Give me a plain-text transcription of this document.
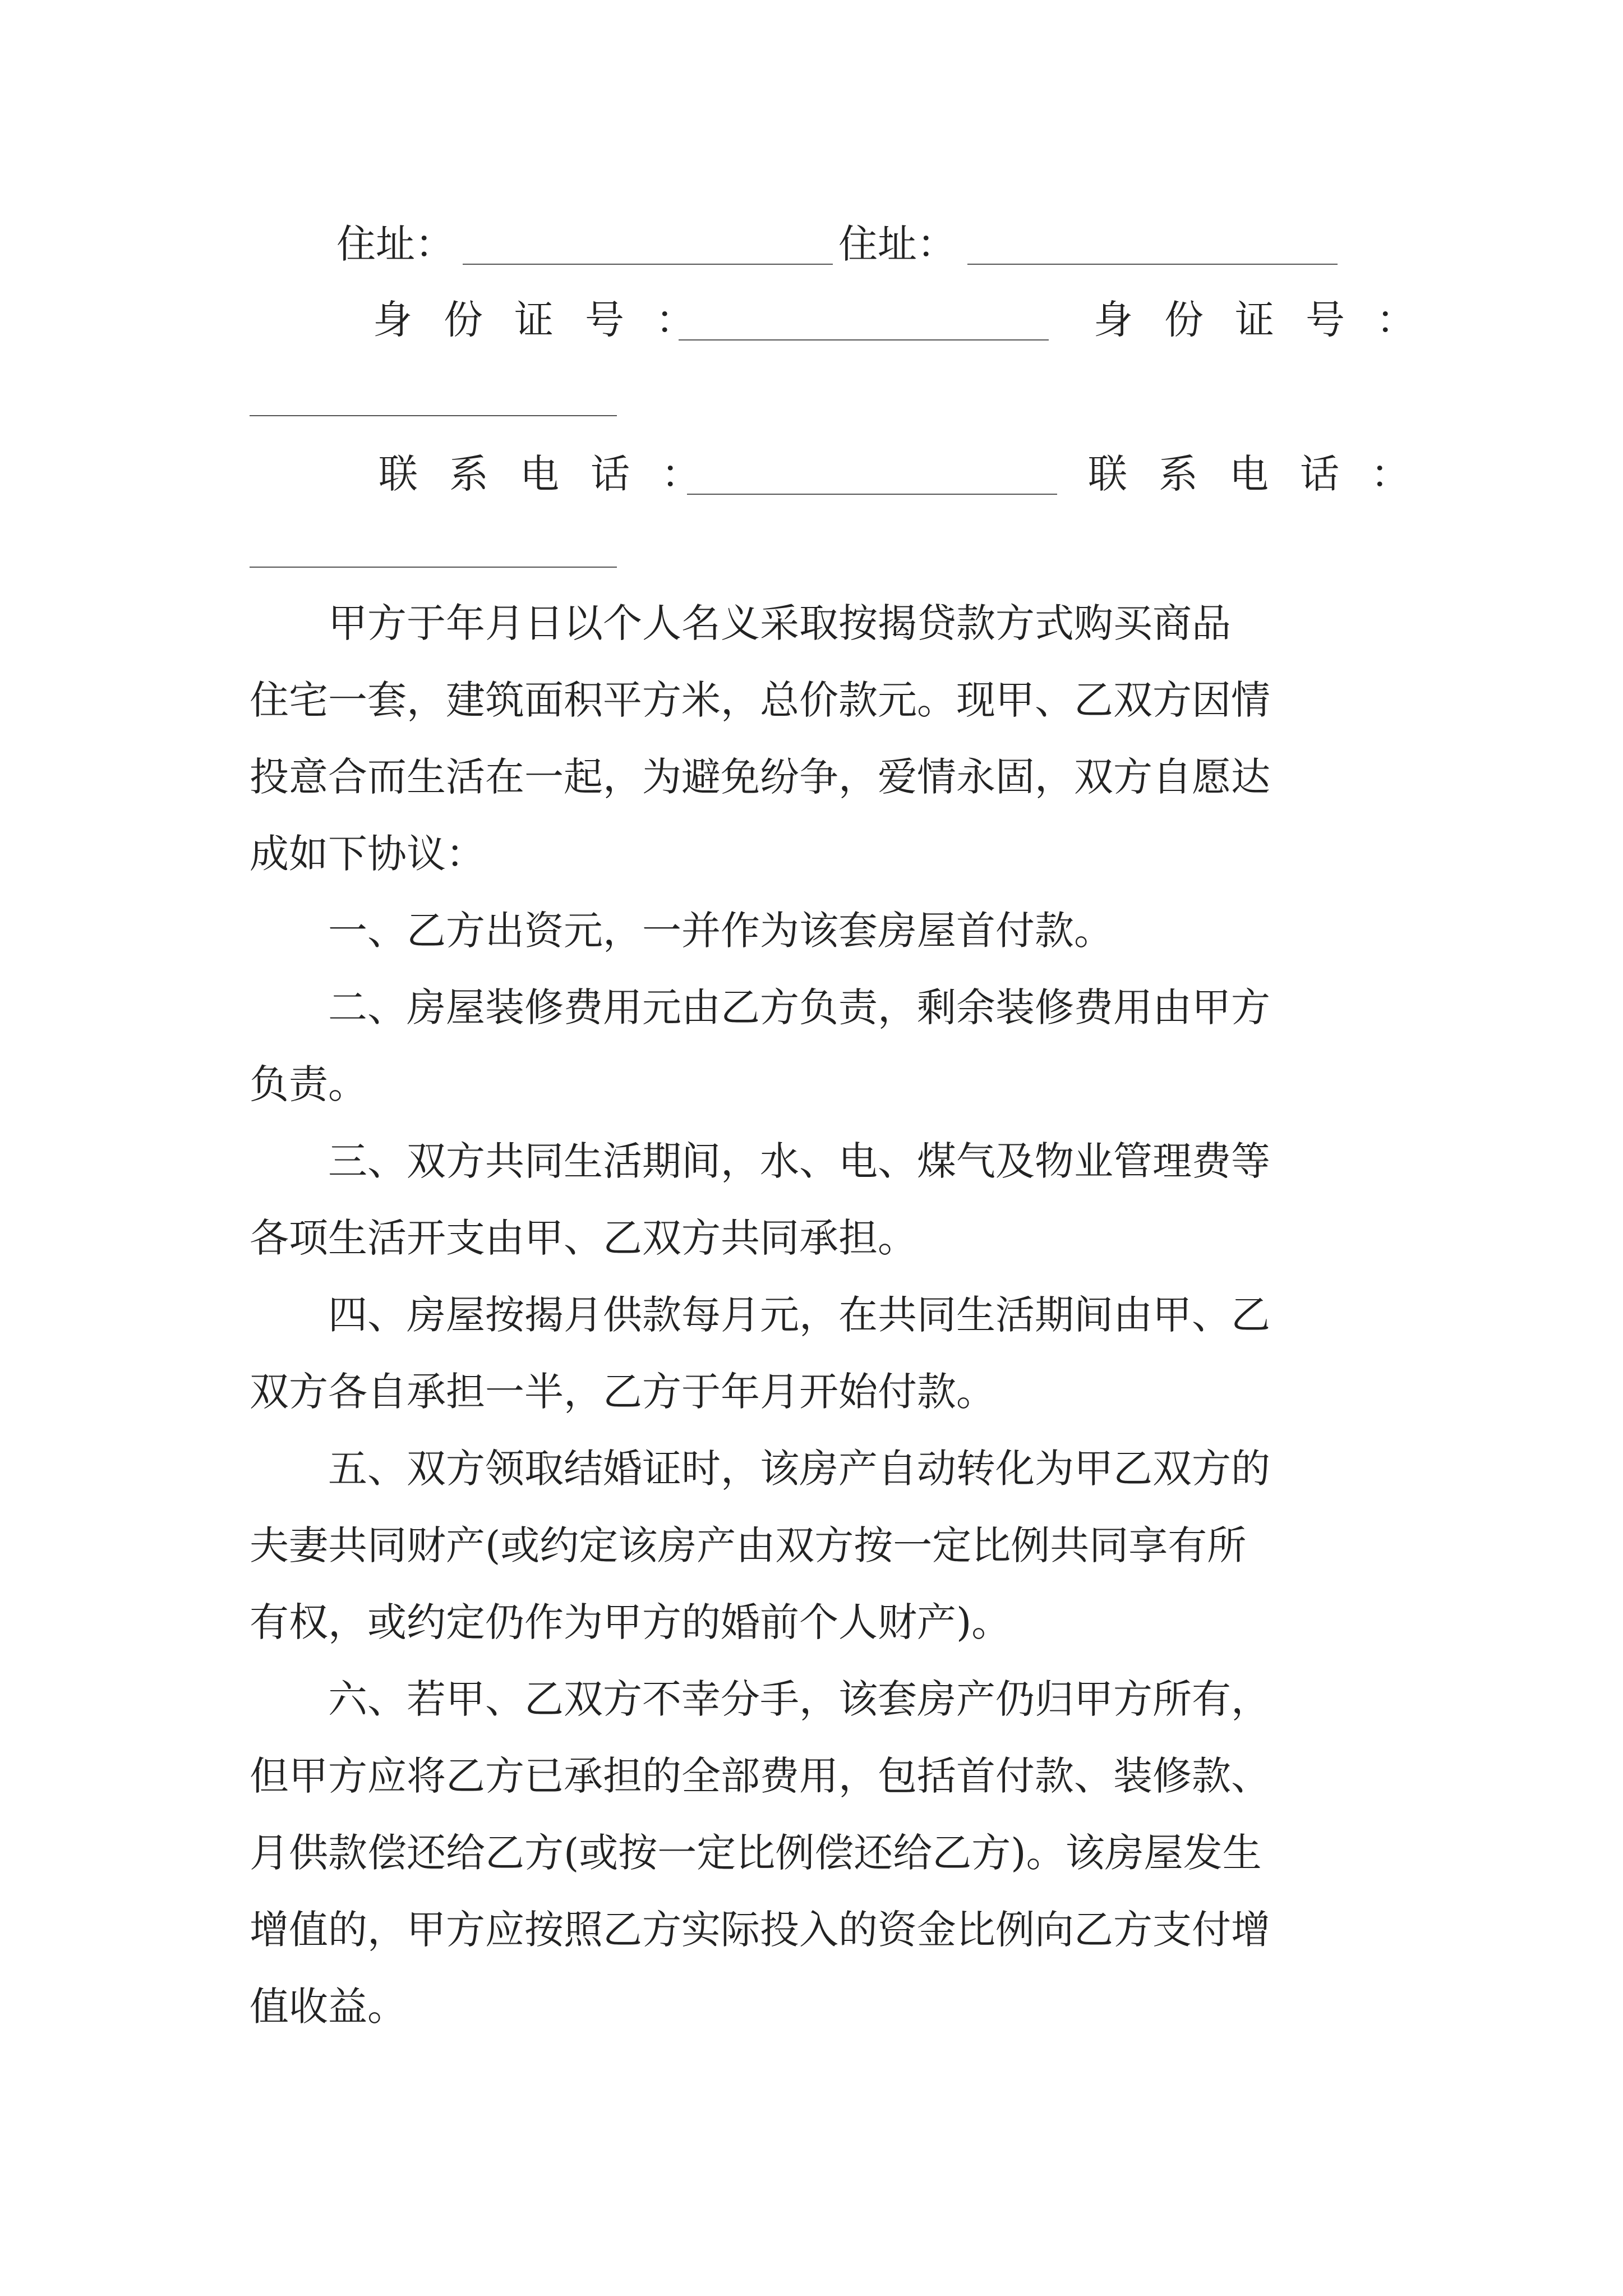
住址：	住址：
身份证号：	身份证号：
联系电话：	联系电话：
　　甲方于年月日以个人名义采取按揭贷款方式购买商品
住宅一套，建筑面积平方米，总价款元。现甲、乙双方因情
投意合而生活在一起，为避免纷争，爱情永固，双方自愿达
成如下协议：
　　一、乙方出资元，一并作为该套房屋首付款。
　　二、房屋装修费用元由乙方负责，剩余装修费用由甲方
负责。
　　三、双方共同生活期间，水、电、煤气及物业管理费等
各项生活开支由甲、乙双方共同承担。
　　四、房屋按揭月供款每月元，在共同生活期间由甲、乙
双方各自承担一半，乙方于年月开始付款。
　　五、双方领取结婚证时，该房产自动转化为甲乙双方的
夫妻共同财产(或约定该房产由双方按一定比例共同享有所
有权，或约定仍作为甲方的婚前个人财产)。
　　六、若甲、乙双方不幸分手，该套房产仍归甲方所有，
但甲方应将乙方已承担的全部费用，包括首付款、装修款、
月供款偿还给乙方(或按一定比例偿还给乙方)。该房屋发生
增值的，甲方应按照乙方实际投入的资金比例向乙方支付增
值收益。
